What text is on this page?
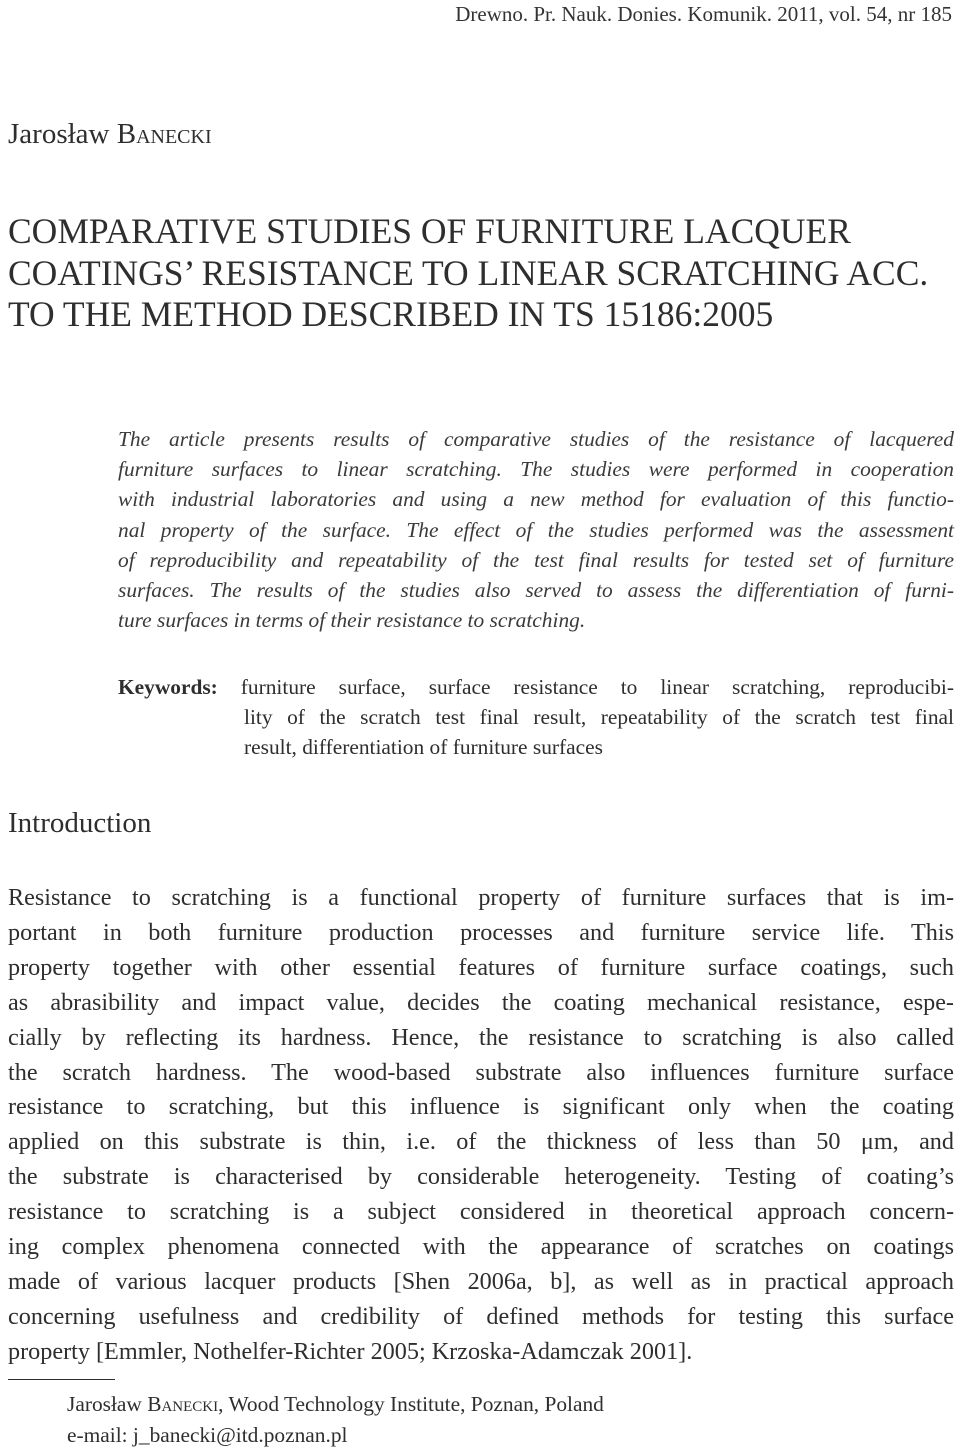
Drewno. Pr. Nauk. Donies. Komunik. 2011, vol. 54, nr 185
Jarosław Banecki
COMPARATIVE STUDIES OF FURNITURE LACQUER
COATINGS’ RESISTANCE TO LINEAR SCRATCHING ACC.
TO THE METHOD DESCRIBED IN TS 15186:2005
The article presents results of comparative studies of the resistance of lacquered
furniture surfaces to linear scratching. The studies were performed in cooperation
with industrial laboratories and using a new method for evaluation of this functio-
nal property of the surface. The effect of the studies performed was the assessment
of reproducibility and repeatability of the test final results for tested set of furniture
surfaces. The results of the studies also served to assess the differentiation of furni-
ture surfaces in terms of their resistance to scratching.
Keywords: furniture surface, surface resistance to linear scratching, reproducibi-
lity of the scratch test final result, repeatability of the scratch test final
result, differentiation of furniture surfaces
Introduction
Resistance to scratching is a functional property of furniture surfaces that is im-
portant in both furniture production processes and furniture service life. This
property together with other essential features of furniture surface coatings, such
as abrasibility and impact value, decides the coating mechanical resistance, espe-
cially by reflecting its hardness. Hence, the resistance to scratching is also called
the scratch hardness. The wood-based substrate also influences furniture surface
resistance to scratching, but this influence is significant only when the coating
applied on this substrate is thin, i.e. of the thickness of less than 50 μm, and
the substrate is characterised by considerable heterogeneity. Testing of coating’s
resistance to scratching is a subject considered in theoretical approach concern-
ing complex phenomena connected with the appearance of scratches on coatings
made of various lacquer products [Shen 2006a, b], as well as in practical approach
concerning usefulness and credibility of defined methods for testing this surface
property [Emmler, Nothelfer-Richter 2005; Krzoska-Adamczak 2001].
Jarosław Banecki, Wood Technology Institute, Poznan, Poland
e-mail: j_banecki@itd.poznan.pl
